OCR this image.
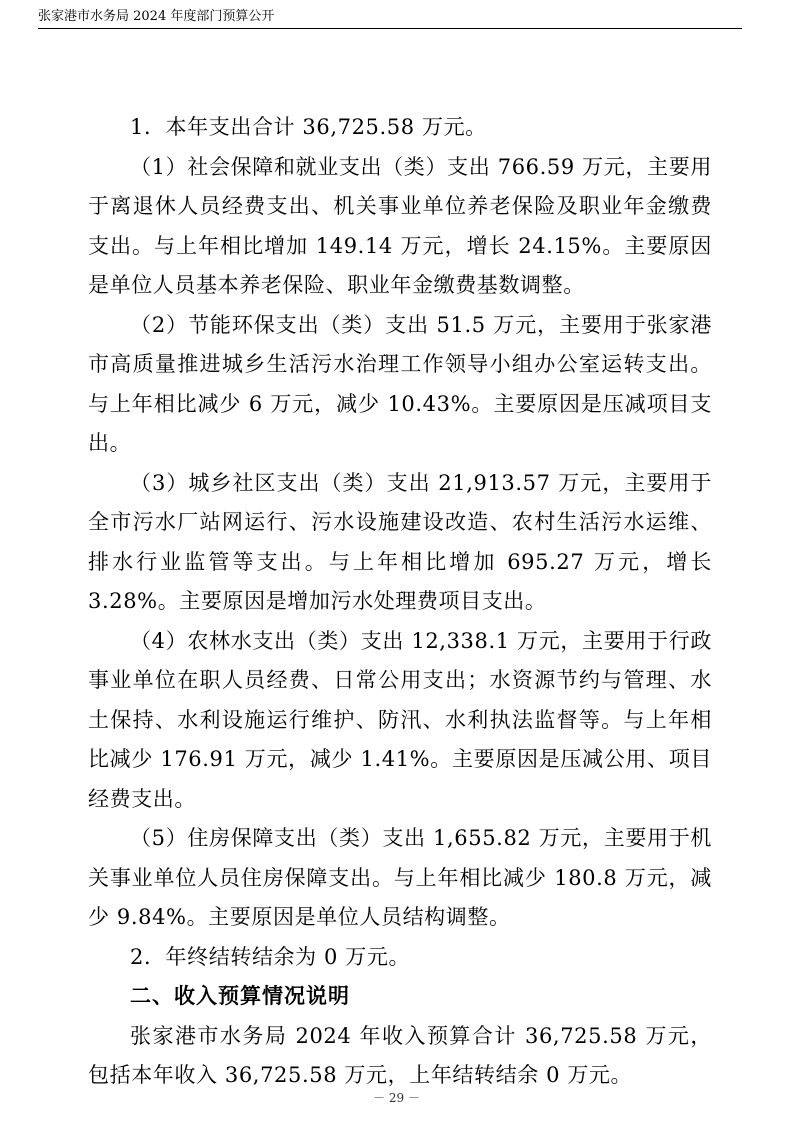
张家港市水务局 2024 年度部门预算公开

1．本年支出合计 36,725.58 万元。

（1）社会保障和就业支出（类）支出 766.59 万元，主要用于离退休人员经费支出、机关事业单位养老保险及职业年金缴费支出。与上年相比增加 149.14 万元，增长 24.15%。主要原因是单位人员基本养老保险、职业年金缴费基数调整。

（2）节能环保支出（类）支出 51.5 万元，主要用于张家港市高质量推进城乡生活污水治理工作领导小组办公室运转支出。与上年相比减少 6 万元，减少 10.43%。主要原因是压减项目支出。

（3）城乡社区支出（类）支出 21,913.57 万元，主要用于全市污水厂站网运行、污水设施建设改造、农村生活污水运维、排水行业监管等支出。与上年相比增加 695.27 万元，增长 3.28%。主要原因是增加污水处理费项目支出。

（4）农林水支出（类）支出 12,338.1 万元，主要用于行政事业单位在职人员经费、日常公用支出；水资源节约与管理、水土保持、水利设施运行维护、防汛、水利执法监督等。与上年相比减少 176.91 万元，减少 1.41%。主要原因是压减公用、项目经费支出。

（5）住房保障支出（类）支出 1,655.82 万元，主要用于机关事业单位人员住房保障支出。与上年相比减少 180.8 万元，减少 9.84%。主要原因是单位人员结构调整。

2．年终结转结余为 0 万元。

二、收入预算情况说明

张家港市水务局 2024 年收入预算合计 36,725.58 万元，包括本年收入 36,725.58 万元，上年结转结余 0 万元。

－ 29 －
